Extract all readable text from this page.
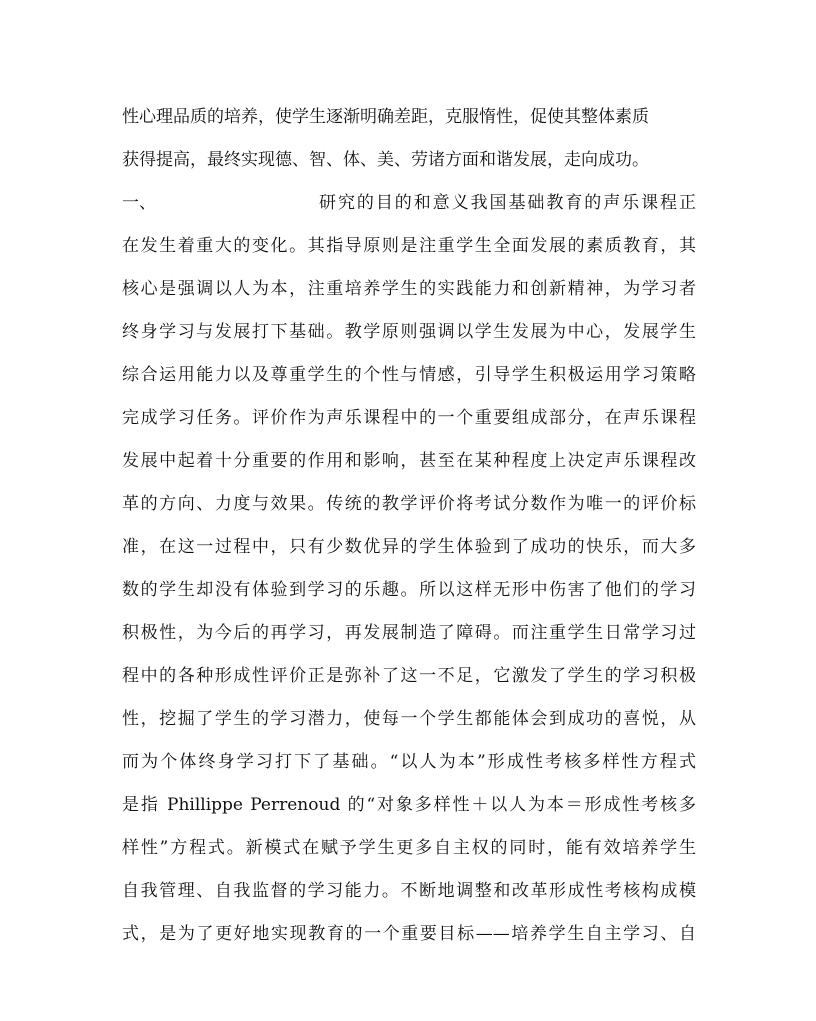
性心理品质的培养，使学生逐渐明确差距，克服惰性，促使其整体素质
获得提高，最终实现德、智、体、美、劳诸方面和谐发展，走向成功。
一、	研究的目的和意义我国基础教育的声乐课程正
在发生着重大的变化。其指导原则是注重学生全面发展的素质教育，其
核心是强调以人为本，注重培养学生的实践能力和创新精神，为学习者
终身学习与发展打下基础。教学原则强调以学生发展为中心，发展学生
综合运用能力以及尊重学生的个性与情感，引导学生积极运用学习策略
完成学习任务。评价作为声乐课程中的一个重要组成部分，在声乐课程
发展中起着十分重要的作用和影响，甚至在某种程度上决定声乐课程改
革的方向、力度与效果。传统的教学评价将考试分数作为唯一的评价标
准，在这一过程中，只有少数优异的学生体验到了成功的快乐，而大多
数的学生却没有体验到学习的乐趣。所以这样无形中伤害了他们的学习
积极性，为今后的再学习，再发展制造了障碍。而注重学生日常学习过
程中的各种形成性评价正是弥补了这一不足，它激发了学生的学习积极
性，挖掘了学生的学习潜力，使每一个学生都能体会到成功的喜悦，从
而为个体终身学习打下了基础。“以人为本”形成性考核多样性方程式
是指 Phillippe Perrenoud 的“对象多样性＋以人为本＝形成性考核多
样性”方程式。新模式在赋予学生更多自主权的同时，能有效培养学生
自我管理、自我监督的学习能力。不断地调整和改革形成性考核构成模
式，是为了更好地实现教育的一个重要目标——培养学生自主学习、自
